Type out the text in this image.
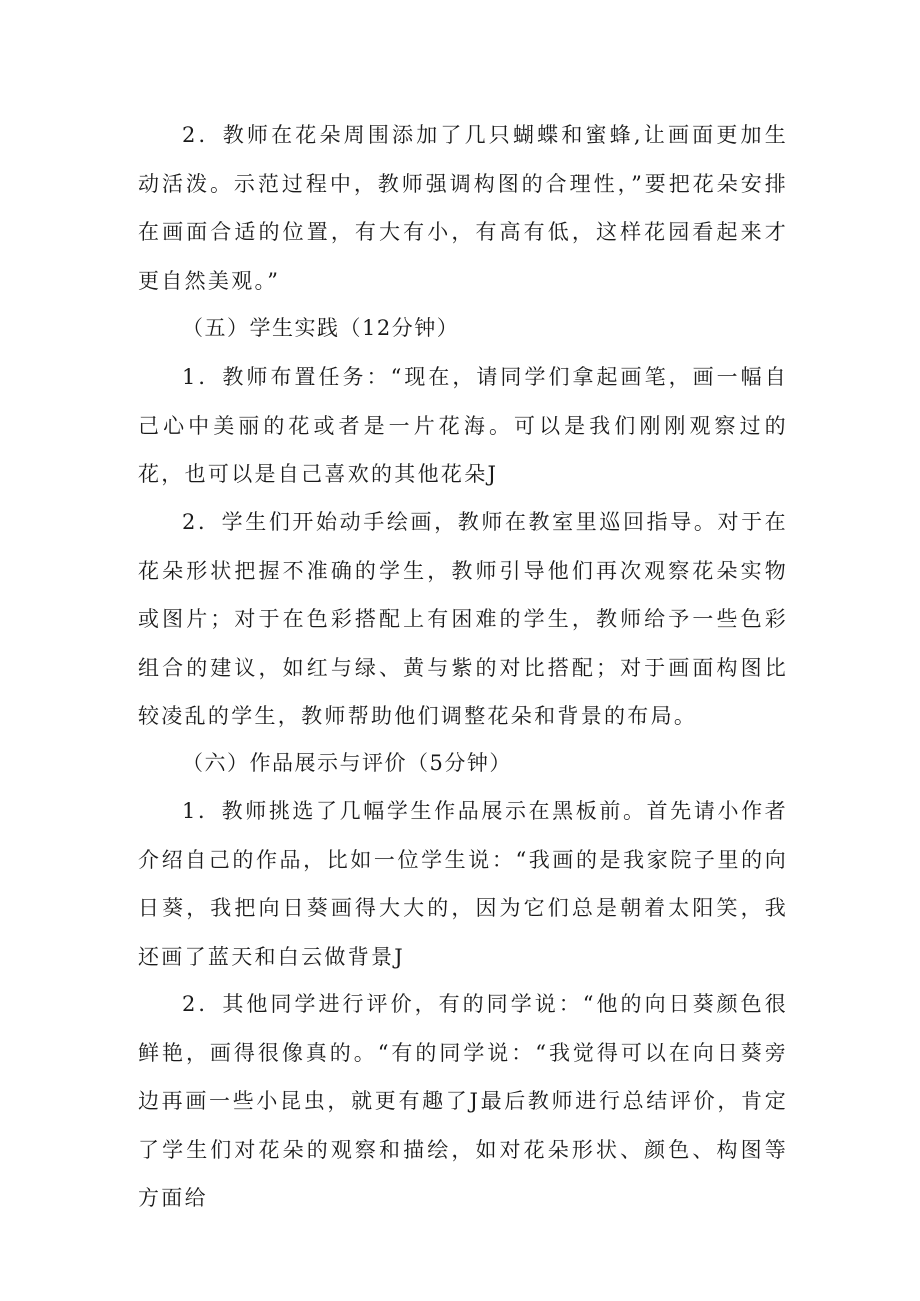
2．教师在花朵周围添加了几只蝴蝶和蜜蜂,让画面更加生动活泼。示范过程中，教师强调构图的合理性，”要把花朵安排在画面合适的位置，有大有小，有高有低，这样花园看起来才更自然美观。”

（五）学生实践（12分钟）

1．教师布置任务：“现在，请同学们拿起画笔，画一幅自己心中美丽的花或者是一片花海。可以是我们刚刚观察过的花，也可以是自己喜欢的其他花朵J

2．学生们开始动手绘画，教师在教室里巡回指导。对于在花朵形状把握不准确的学生，教师引导他们再次观察花朵实物或图片；对于在色彩搭配上有困难的学生，教师给予一些色彩组合的建议，如红与绿、黄与紫的对比搭配；对于画面构图比较凌乱的学生，教师帮助他们调整花朵和背景的布局。

（六）作品展示与评价（5分钟）

1．教师挑选了几幅学生作品展示在黑板前。首先请小作者介绍自己的作品，比如一位学生说：“我画的是我家院子里的向日葵，我把向日葵画得大大的，因为它们总是朝着太阳笑，我还画了蓝天和白云做背景J

2．其他同学进行评价，有的同学说：“他的向日葵颜色很鲜艳，画得很像真的。“有的同学说：“我觉得可以在向日葵旁边再画一些小昆虫，就更有趣了J最后教师进行总结评价，肯定了学生们对花朵的观察和描绘，如对花朵形状、颜色、构图等方面给
